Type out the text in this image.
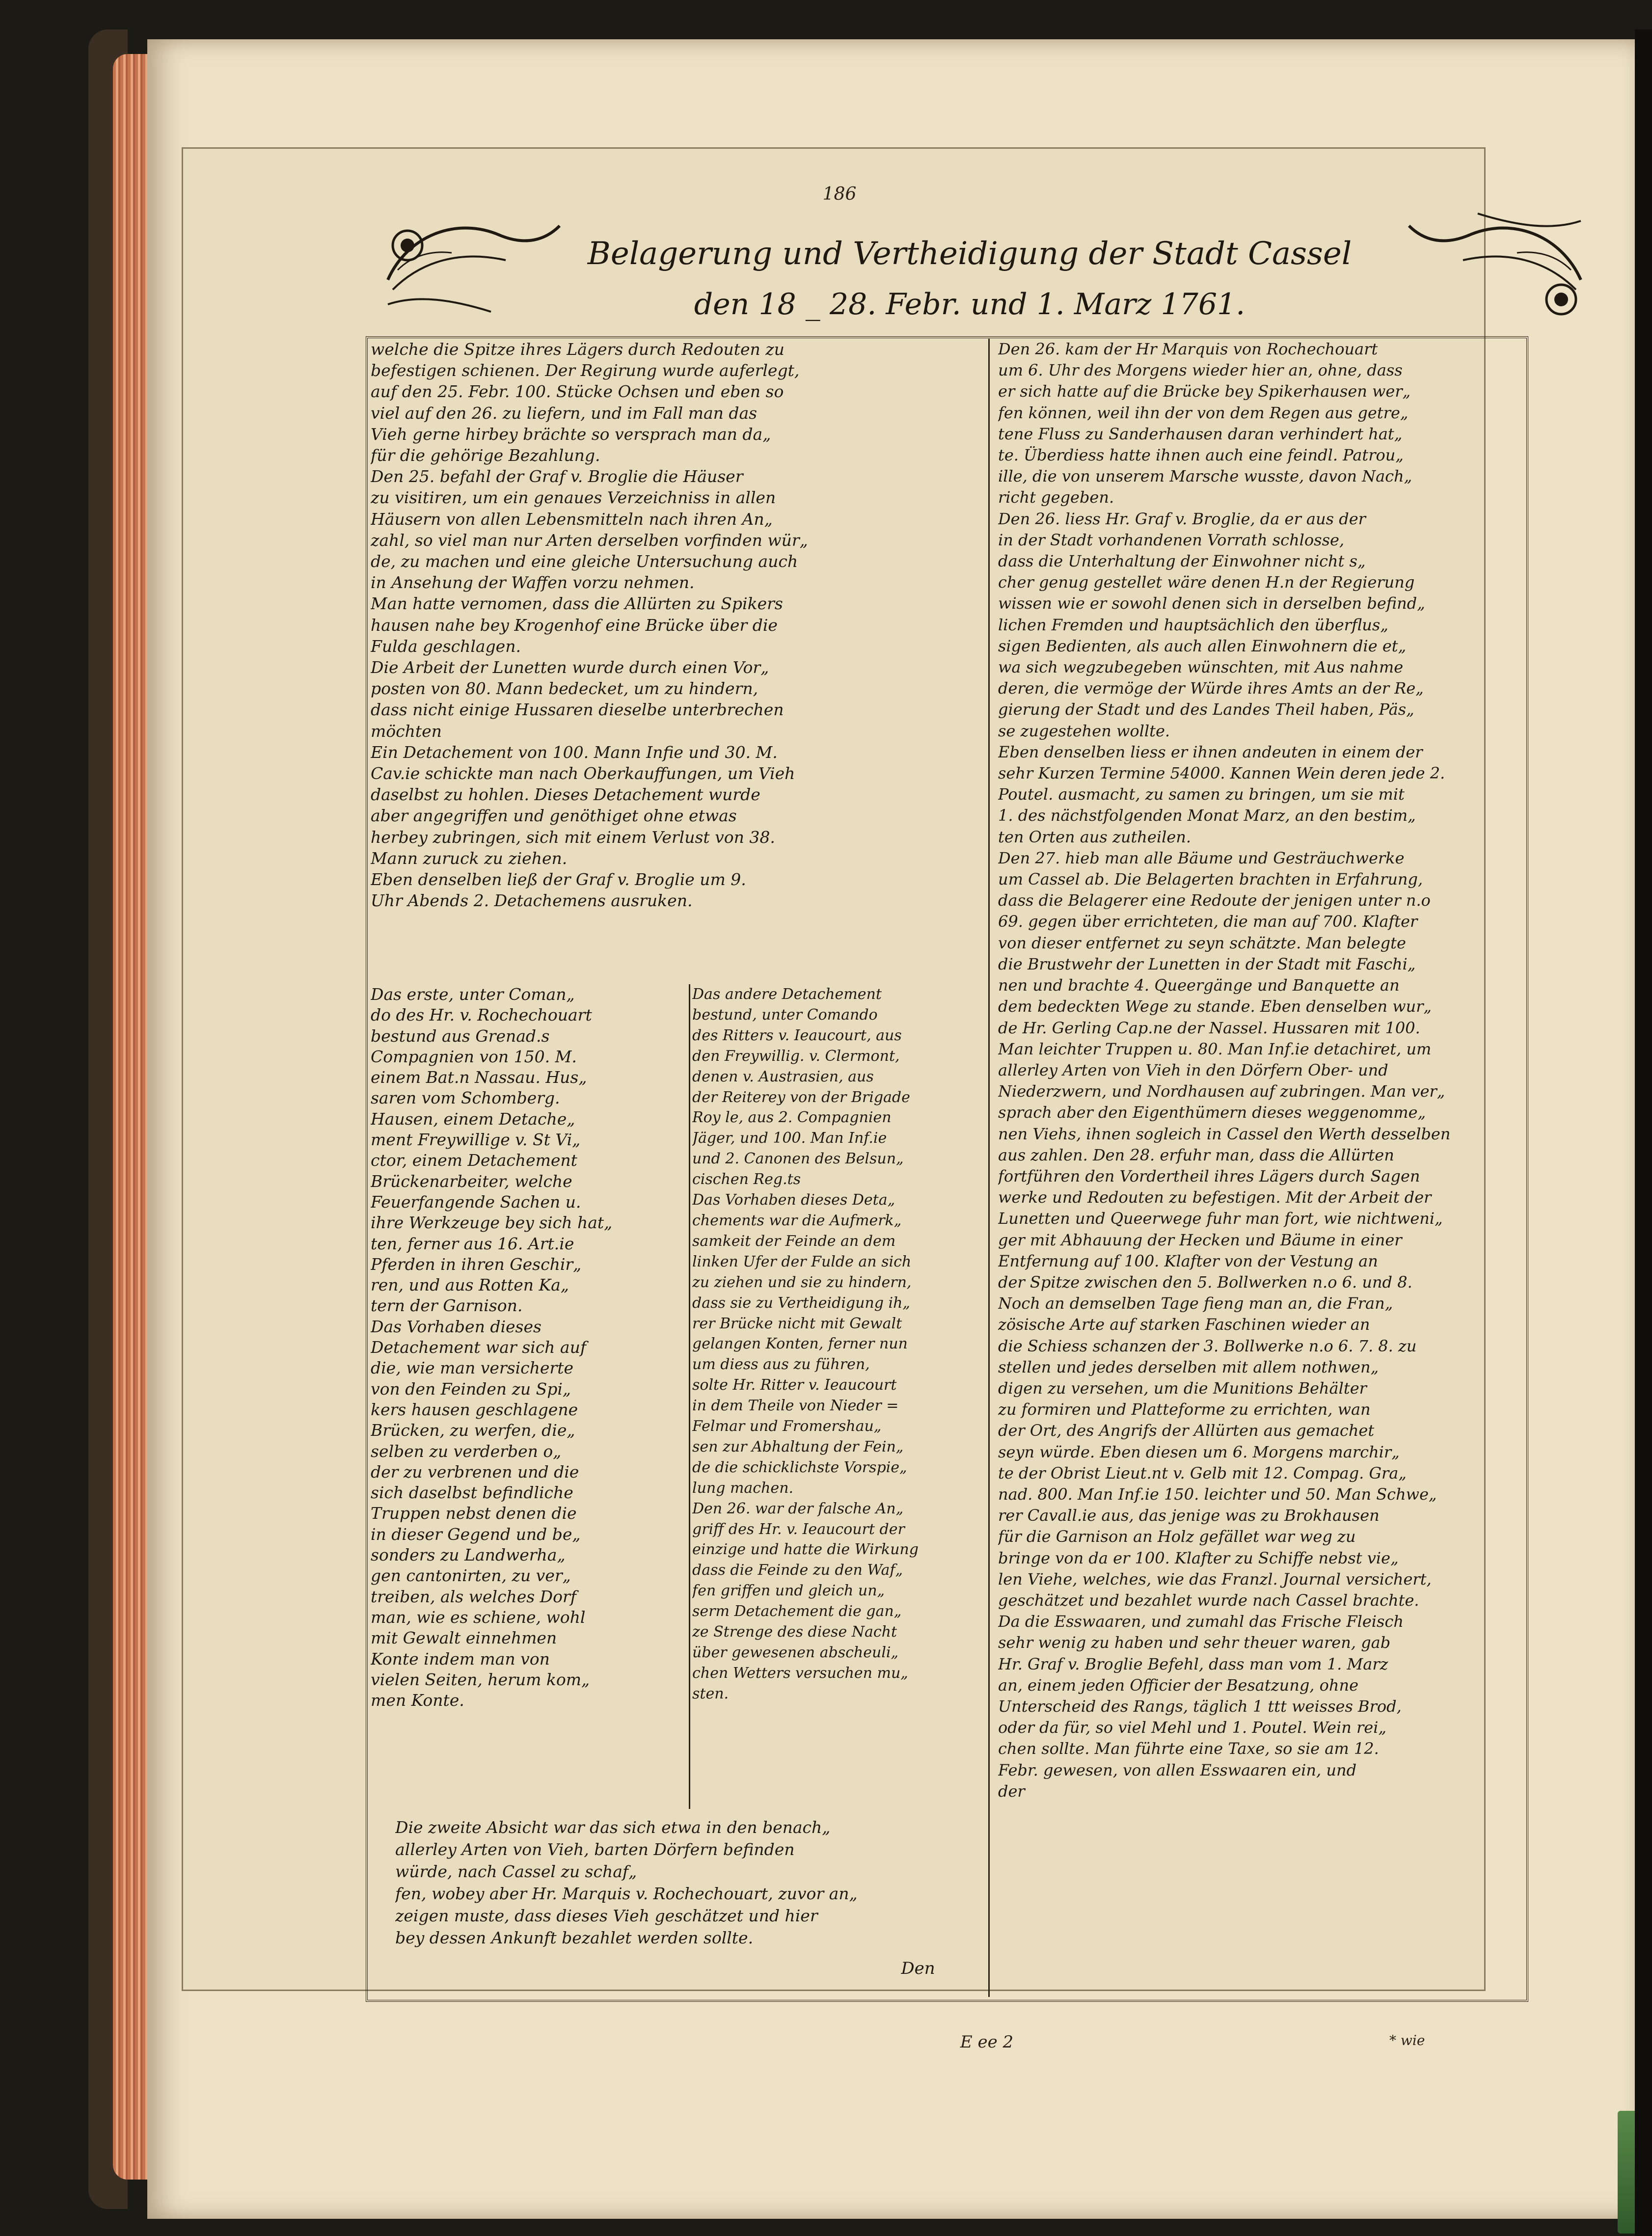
186
Belagerung und Vertheidigung der Stadt Cassel
den 18 _ 28. Febr. und 1. Marz 1761.
welche die Spitze ihres Lägers durch Redouten zu
befestigen schienen. Der Regirung wurde auferlegt,
auf den 25. Febr. 100. Stücke Ochsen und eben so
viel auf den 26. zu liefern, und im Fall man das
Vieh gerne hirbey brächte so versprach man da„
für die gehörige Bezahlung.
Den 25. befahl der Graf v. Broglie die Häuser
zu visitiren, um ein genaues Verzeichniss in allen
Häusern von allen Lebensmitteln nach ihren An„
zahl, so viel man nur Arten derselben vorfinden wür„
de, zu machen und eine gleiche Untersuchung auch
in Ansehung der Waffen vorzu nehmen.
Man hatte vernomen, dass die Allürten zu Spikers
hausen nahe bey Krogenhof eine Brücke über die
Fulda geschlagen.
Die Arbeit der Lunetten wurde durch einen Vor„
posten von 80. Mann bedecket, um zu hindern,
dass nicht einige Hussaren dieselbe unterbrechen
möchten
Ein Detachement von 100. Mann Infie und 30. M.
Cav.ie schickte man nach Oberkauffungen, um Vieh
daselbst zu hohlen. Dieses Detachement wurde
aber angegriffen und genöthiget ohne etwas
herbey zubringen, sich mit einem Verlust von 38.
Mann zuruck zu ziehen.
Eben denselben ließ der Graf v. Broglie um 9.
Uhr Abends 2. Detachemens ausruken.
Das erste, unter Coman„
do des Hr. v. Rochechouart
bestund aus Grenad.s
Compagnien von 150. M.
einem Bat.n Nassau. Hus„
saren vom Schomberg.
Hausen, einem Detache„
ment Freywillige v. St Vi„
ctor, einem Detachement
Brückenarbeiter, welche
Feuerfangende Sachen u.
ihre Werkzeuge bey sich hat„
ten, ferner aus 16. Art.ie
Pferden in ihren Geschir„
ren, und aus Rotten Ka„
tern der Garnison.
Das Vorhaben dieses
Detachement war sich auf
die, wie man versicherte
von den Feinden zu Spi„
kers hausen geschlagene
Brücken, zu werfen, die„
selben zu verderben o„
der zu verbrenen und die
sich daselbst befindliche
Truppen nebst denen die
in dieser Gegend und be„
sonders zu Landwerha„
gen cantonirten, zu ver„
treiben, als welches Dorf
man, wie es schiene, wohl
mit Gewalt einnehmen
Konte indem man von
vielen Seiten, herum kom„
men Konte.
Das andere Detachement
bestund, unter Comando
des Ritters v. Ieaucourt, aus
den Freywillig. v. Clermont,
denen v. Austrasien, aus
der Reiterey von der Brigade
Roy le, aus 2. Compagnien
Jäger, und 100. Man Inf.ie
und 2. Canonen des Belsun„
cischen Reg.ts
Das Vorhaben dieses Deta„
chements war die Aufmerk„
samkeit der Feinde an dem
linken Ufer der Fulde an sich
zu ziehen und sie zu hindern,
dass sie zu Vertheidigung ih„
rer Brücke nicht mit Gewalt
gelangen Konten, ferner nun
um diess aus zu führen,
solte Hr. Ritter v. Ieaucourt
in dem Theile von Nieder =
Felmar und Fromershau„
sen zur Abhaltung der Fein„
de die schicklichste Vorspie„
lung machen.
Den 26. war der falsche An„
griff des Hr. v. Ieaucourt der
einzige und hatte die Wirkung
dass die Feinde zu den Waf„
fen griffen und gleich un„
serm Detachement die gan„
ze Strenge des diese Nacht
über gewesenen abscheuli„
chen Wetters versuchen mu„
sten.
Die zweite Absicht war das sich etwa in den benach„
allerley Arten von Vieh, barten Dörfern befinden
würde, nach Cassel zu schaf„
fen, wobey aber Hr. Marquis v. Rochechouart, zuvor an„
zeigen muste, dass dieses Vieh geschätzet und hier
bey dessen Ankunft bezahlet werden sollte.
Den
Den 26. kam der Hr Marquis von Rochechouart
um 6. Uhr des Morgens wieder hier an, ohne, dass
er sich hatte auf die Brücke bey Spikerhausen wer„
fen können, weil ihn der von dem Regen aus getre„
tene Fluss zu Sanderhausen daran verhindert hat„
te. Überdiess hatte ihnen auch eine feindl. Patrou„
ille, die von unserem Marsche wusste, davon Nach„
richt gegeben.
Den 26. liess Hr. Graf v. Broglie, da er aus der
in der Stadt vorhandenen Vorrath schlosse,
dass die Unterhaltung der Einwohner nicht s„
cher genug gestellet wäre denen H.n der Regierung
wissen wie er sowohl denen sich in derselben befind„
lichen Fremden und hauptsächlich den überflus„
sigen Bedienten, als auch allen Einwohnern die et„
wa sich wegzubegeben wünschten, mit Aus nahme
deren, die vermöge der Würde ihres Amts an der Re„
gierung der Stadt und des Landes Theil haben, Päs„
se zugestehen wollte.
Eben denselben liess er ihnen andeuten in einem der
sehr Kurzen Termine 54000. Kannen Wein deren jede 2.
Poutel. ausmacht, zu samen zu bringen, um sie mit
1. des nächstfolgenden Monat Marz, an den bestim„
ten Orten aus zutheilen.
Den 27. hieb man alle Bäume und Gesträuchwerke
um Cassel ab. Die Belagerten brachten in Erfahrung,
dass die Belagerer eine Redoute der jenigen unter n.o
69. gegen über errichteten, die man auf 700. Klafter
von dieser entfernet zu seyn schätzte. Man belegte
die Brustwehr der Lunetten in der Stadt mit Faschi„
nen und brachte 4. Queergänge und Banquette an
dem bedeckten Wege zu stande. Eben denselben wur„
de Hr. Gerling Cap.ne der Nassel. Hussaren mit 100.
Man leichter Truppen u. 80. Man Inf.ie detachiret, um
allerley Arten von Vieh in den Dörfern Ober- und
Niederzwern, und Nordhausen auf zubringen. Man ver„
sprach aber den Eigenthümern dieses weggenomme„
nen Viehs, ihnen sogleich in Cassel den Werth desselben
aus zahlen. Den 28. erfuhr man, dass die Allürten
fortführen den Vordertheil ihres Lägers durch Sagen
werke und Redouten zu befestigen. Mit der Arbeit der
Lunetten und Queerwege fuhr man fort, wie nichtweni„
ger mit Abhauung der Hecken und Bäume in einer
Entfernung auf 100. Klafter von der Vestung an
der Spitze zwischen den 5. Bollwerken n.o 6. und 8.
Noch an demselben Tage fieng man an, die Fran„
zösische Arte auf starken Faschinen wieder an
die Schiess schanzen der 3. Bollwerke n.o 6. 7. 8. zu
stellen und jedes derselben mit allem nothwen„
digen zu versehen, um die Munitions Behälter
zu formiren und Platteforme zu errichten, wan
der Ort, des Angrifs der Allürten aus gemachet
seyn würde. Eben diesen um 6. Morgens marchir„
te der Obrist Lieut.nt v. Gelb mit 12. Compag. Gra„
nad. 800. Man Inf.ie 150. leichter und 50. Man Schwe„
rer Cavall.ie aus, das jenige was zu Brokhausen
für die Garnison an Holz gefället war weg zu
bringe von da er 100. Klafter zu Schiffe nebst vie„
len Viehe, welches, wie das Franzl. Journal versichert,
geschätzet und bezahlet wurde nach Cassel brachte.
Da die Esswaaren, und zumahl das Frische Fleisch
sehr wenig zu haben und sehr theuer waren, gab
Hr. Graf v. Broglie Befehl, dass man vom 1. Marz
an, einem jeden Officier der Besatzung, ohne
Unterscheid des Rangs, täglich 1 ttt weisses Brod,
oder da für, so viel Mehl und 1. Poutel. Wein rei„
chen sollte. Man führte eine Taxe, so sie am 12.
Febr. gewesen, von allen Esswaaren ein, und
der
E ee 2	* wie
